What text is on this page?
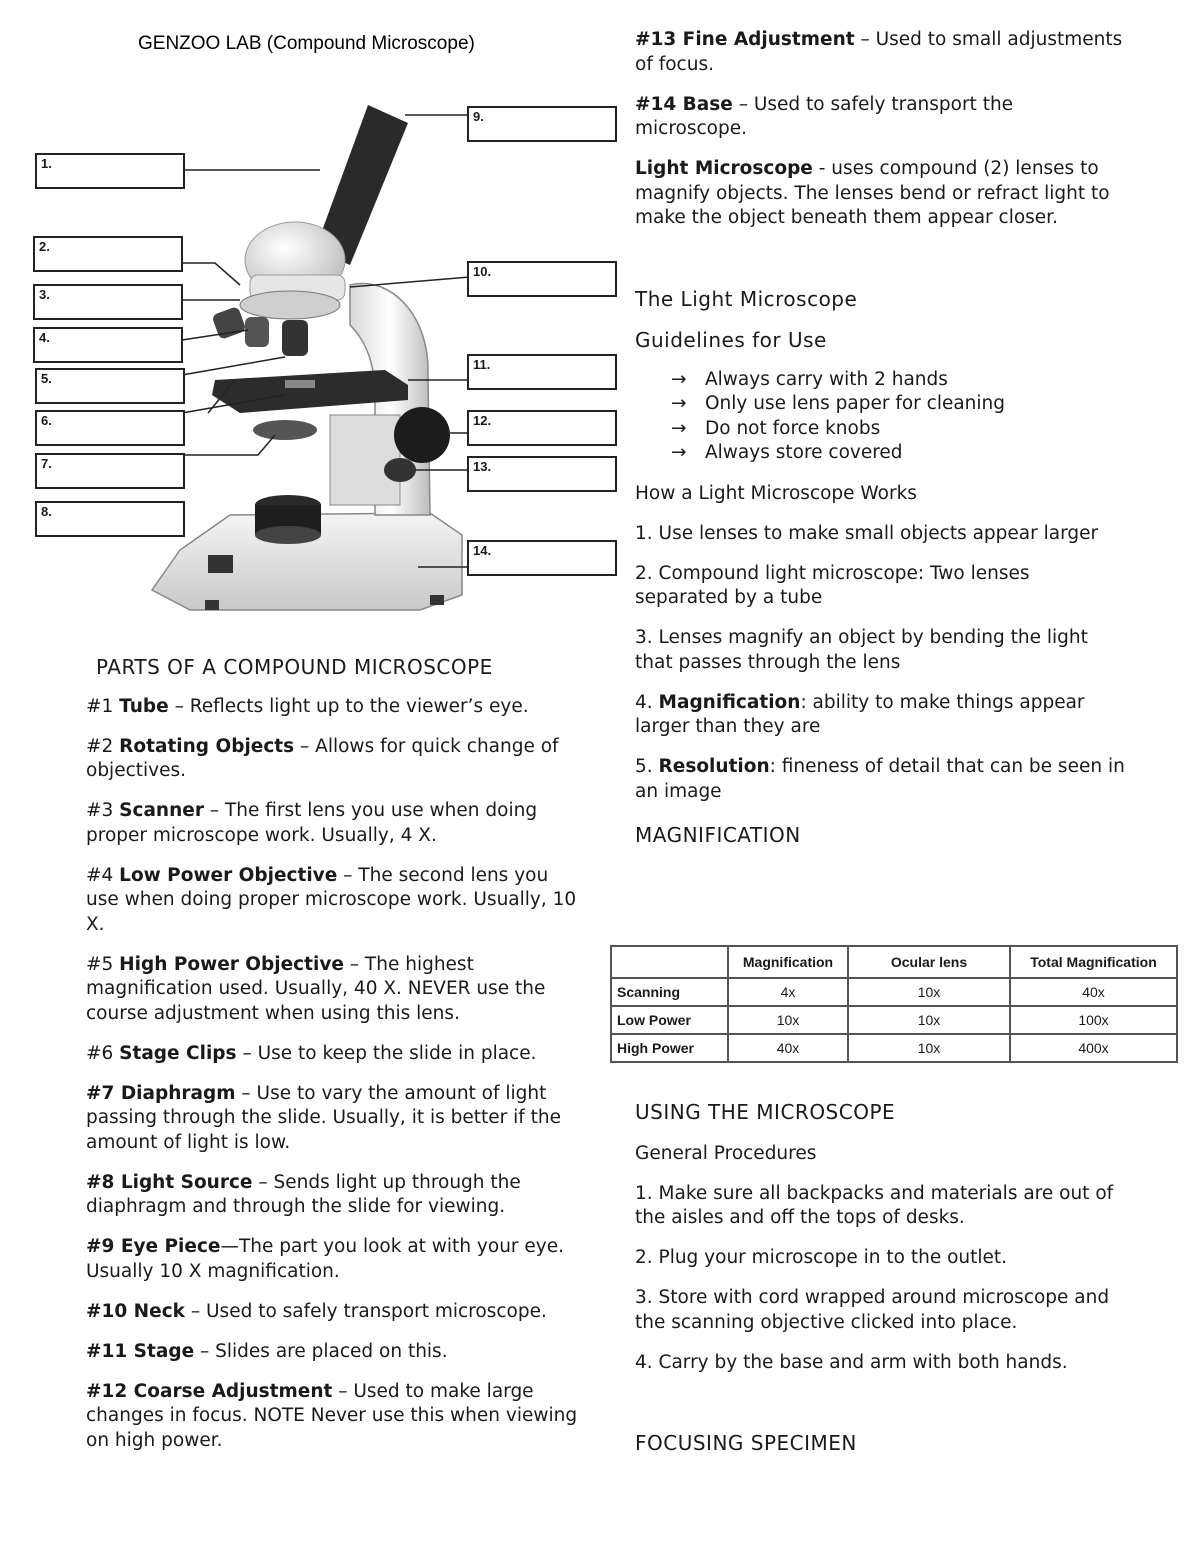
GENZOO LAB (Compound Microscope)
1.
2.
3.
4.
5.
6.
7.
8.
9.
10.
11.
12.
13.
14.

PARTS OF A COMPOUND MICROSCOPE

#1 Tube – Reflects light up to the viewer’s eye.

#2 Rotating Objects – Allows for quick change of objectives.

#3 Scanner – The first lens you use when doing proper microscope work. Usually, 4 X.

#4 Low Power Objective – The second lens you use when doing proper microscope work. Usually, 10 X.

#5 High Power Objective – The highest magnification used. Usually, 40 X. NEVER use the course adjustment when using this lens.

#6 Stage Clips – Use to keep the slide in place.

#7 Diaphragm – Use to vary the amount of light passing through the slide. Usually, it is better if the amount of light is low.

#8 Light Source – Sends light up through the diaphragm and through the slide for viewing.

#9 Eye Piece—The part you look at with your eye. Usually 10 X magnification.

#10 Neck – Used to safely transport microscope.

#11 Stage – Slides are placed on this.

#12 Coarse Adjustment – Used to make large changes in focus. NOTE Never use this when viewing on high power.

#13 Fine Adjustment – Used to small adjustments of focus.

#14 Base – Used to safely transport the microscope.

Light Microscope - uses compound (2) lenses to magnify objects. The lenses bend or refract light to make the object beneath them appear closer.

The Light Microscope

Guidelines for Use

→ Always carry with 2 hands
→ Only use lens paper for cleaning
→ Do not force knobs
→ Always store covered

How a Light Microscope Works

1. Use lenses to make small objects appear larger

2. Compound light microscope: Two lenses separated by a tube

3. Lenses magnify an object by bending the light that passes through the lens

4. Magnification: ability to make things appear larger than they are

5. Resolution: fineness of detail that can be seen in an image

MAGNIFICATION

	Magnification	Ocular lens	Total Magnification
Scanning	4x	10x	40x
Low Power	10x	10x	100x
High Power	40x	10x	400x

USING THE MICROSCOPE

General Procedures

1. Make sure all backpacks and materials are out of the aisles and off the tops of desks.

2. Plug your microscope in to the outlet.

3. Store with cord wrapped around microscope and the scanning objective clicked into place.

4. Carry by the base and arm with both hands.

FOCUSING SPECIMEN
